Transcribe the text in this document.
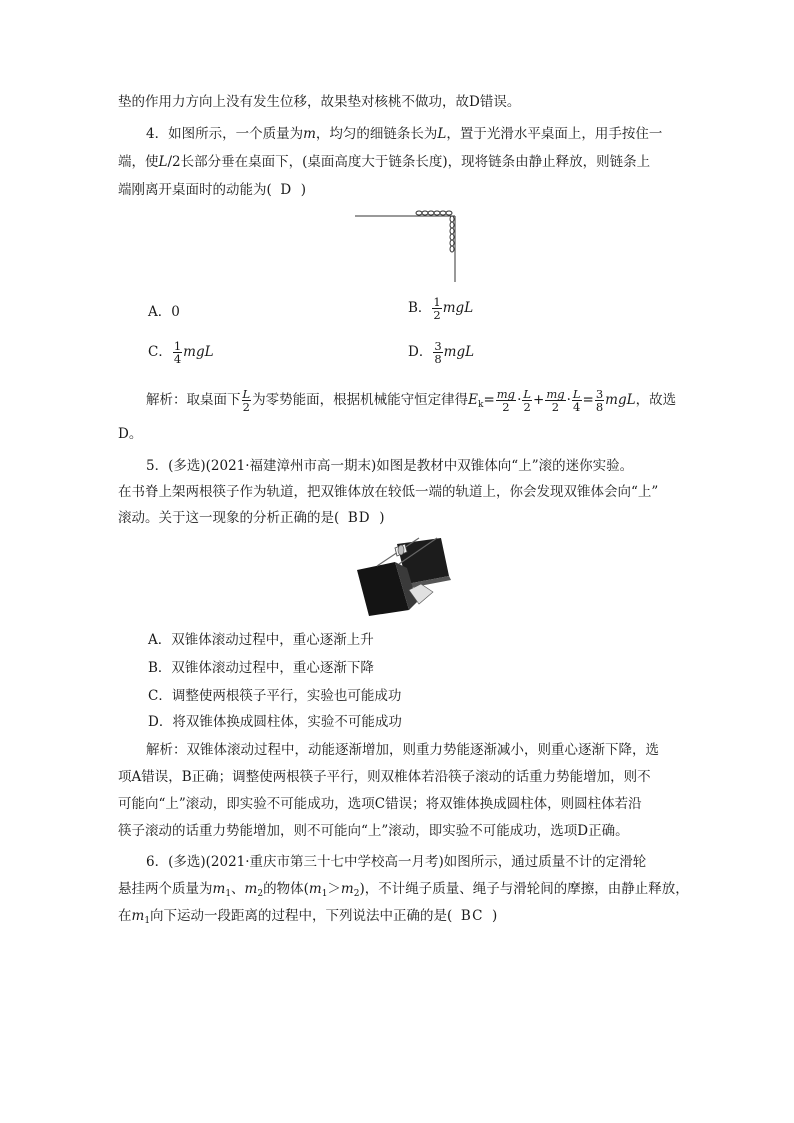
垫的作用力方向上没有发生位移，故果垫对核桃不做功，故D错误。
4．如图所示，一个质量为m，均匀的细链条长为L，置于光滑水平桌面上，用手按住一
端，使L/2长部分垂在桌面下，(桌面高度大于链条长度)，现将链条由静止释放，则链条上
端刚离开桌面时的动能为( D )
A．0	B． $\frac{1}{2}$ mgL
C． $\frac{1}{4}$ mgL	D． $\frac{3}{8}$ mgL
解析：取桌面下 $\frac{L}{2}$ 为零势能面，根据机械能守恒定律得$E_k= \frac{mg}{2} \cdot \frac{L}{2} + \frac{mg}{2} \cdot \frac{L}{4} = \frac{3}{8}$ mgL，故选
D。
5．(多选)(2021·福建漳州市高一期末)如图是教材中双锥体向“上”滚的迷你实验。
在书脊上架两根筷子作为轨道，把双锥体放在较低一端的轨道上，你会发现双锥体会向“上”
滚动。关于这一现象的分析正确的是( BD )
A．双锥体滚动过程中，重心逐渐上升
B．双锥体滚动过程中，重心逐渐下降
C．调整使两根筷子平行，实验也可能成功
D．将双锥体换成圆柱体，实验不可能成功
解析：双锥体滚动过程中，动能逐渐增加，则重力势能逐渐减小，则重心逐渐下降，选
项A错误，B正确；调整使两根筷子平行，则双椎体若沿筷子滚动的话重力势能增加，则不
可能向“上”滚动，即实验不可能成功，选项C错误；将双锥体换成圆柱体，则圆柱体若沿
筷子滚动的话重力势能增加，则不可能向“上”滚动，即实验不可能成功，选项D正确。
6．(多选)(2021·重庆市第三十七中学校高一月考)如图所示，通过质量不计的定滑轮
悬挂两个质量为$m_1$、$m_2$的物体$(m_1>m_2)$，不计绳子质量、绳子与滑轮间的摩擦，由静止释放，
在$m_1$向下运动一段距离的过程中，下列说法中正确的是( BC )
